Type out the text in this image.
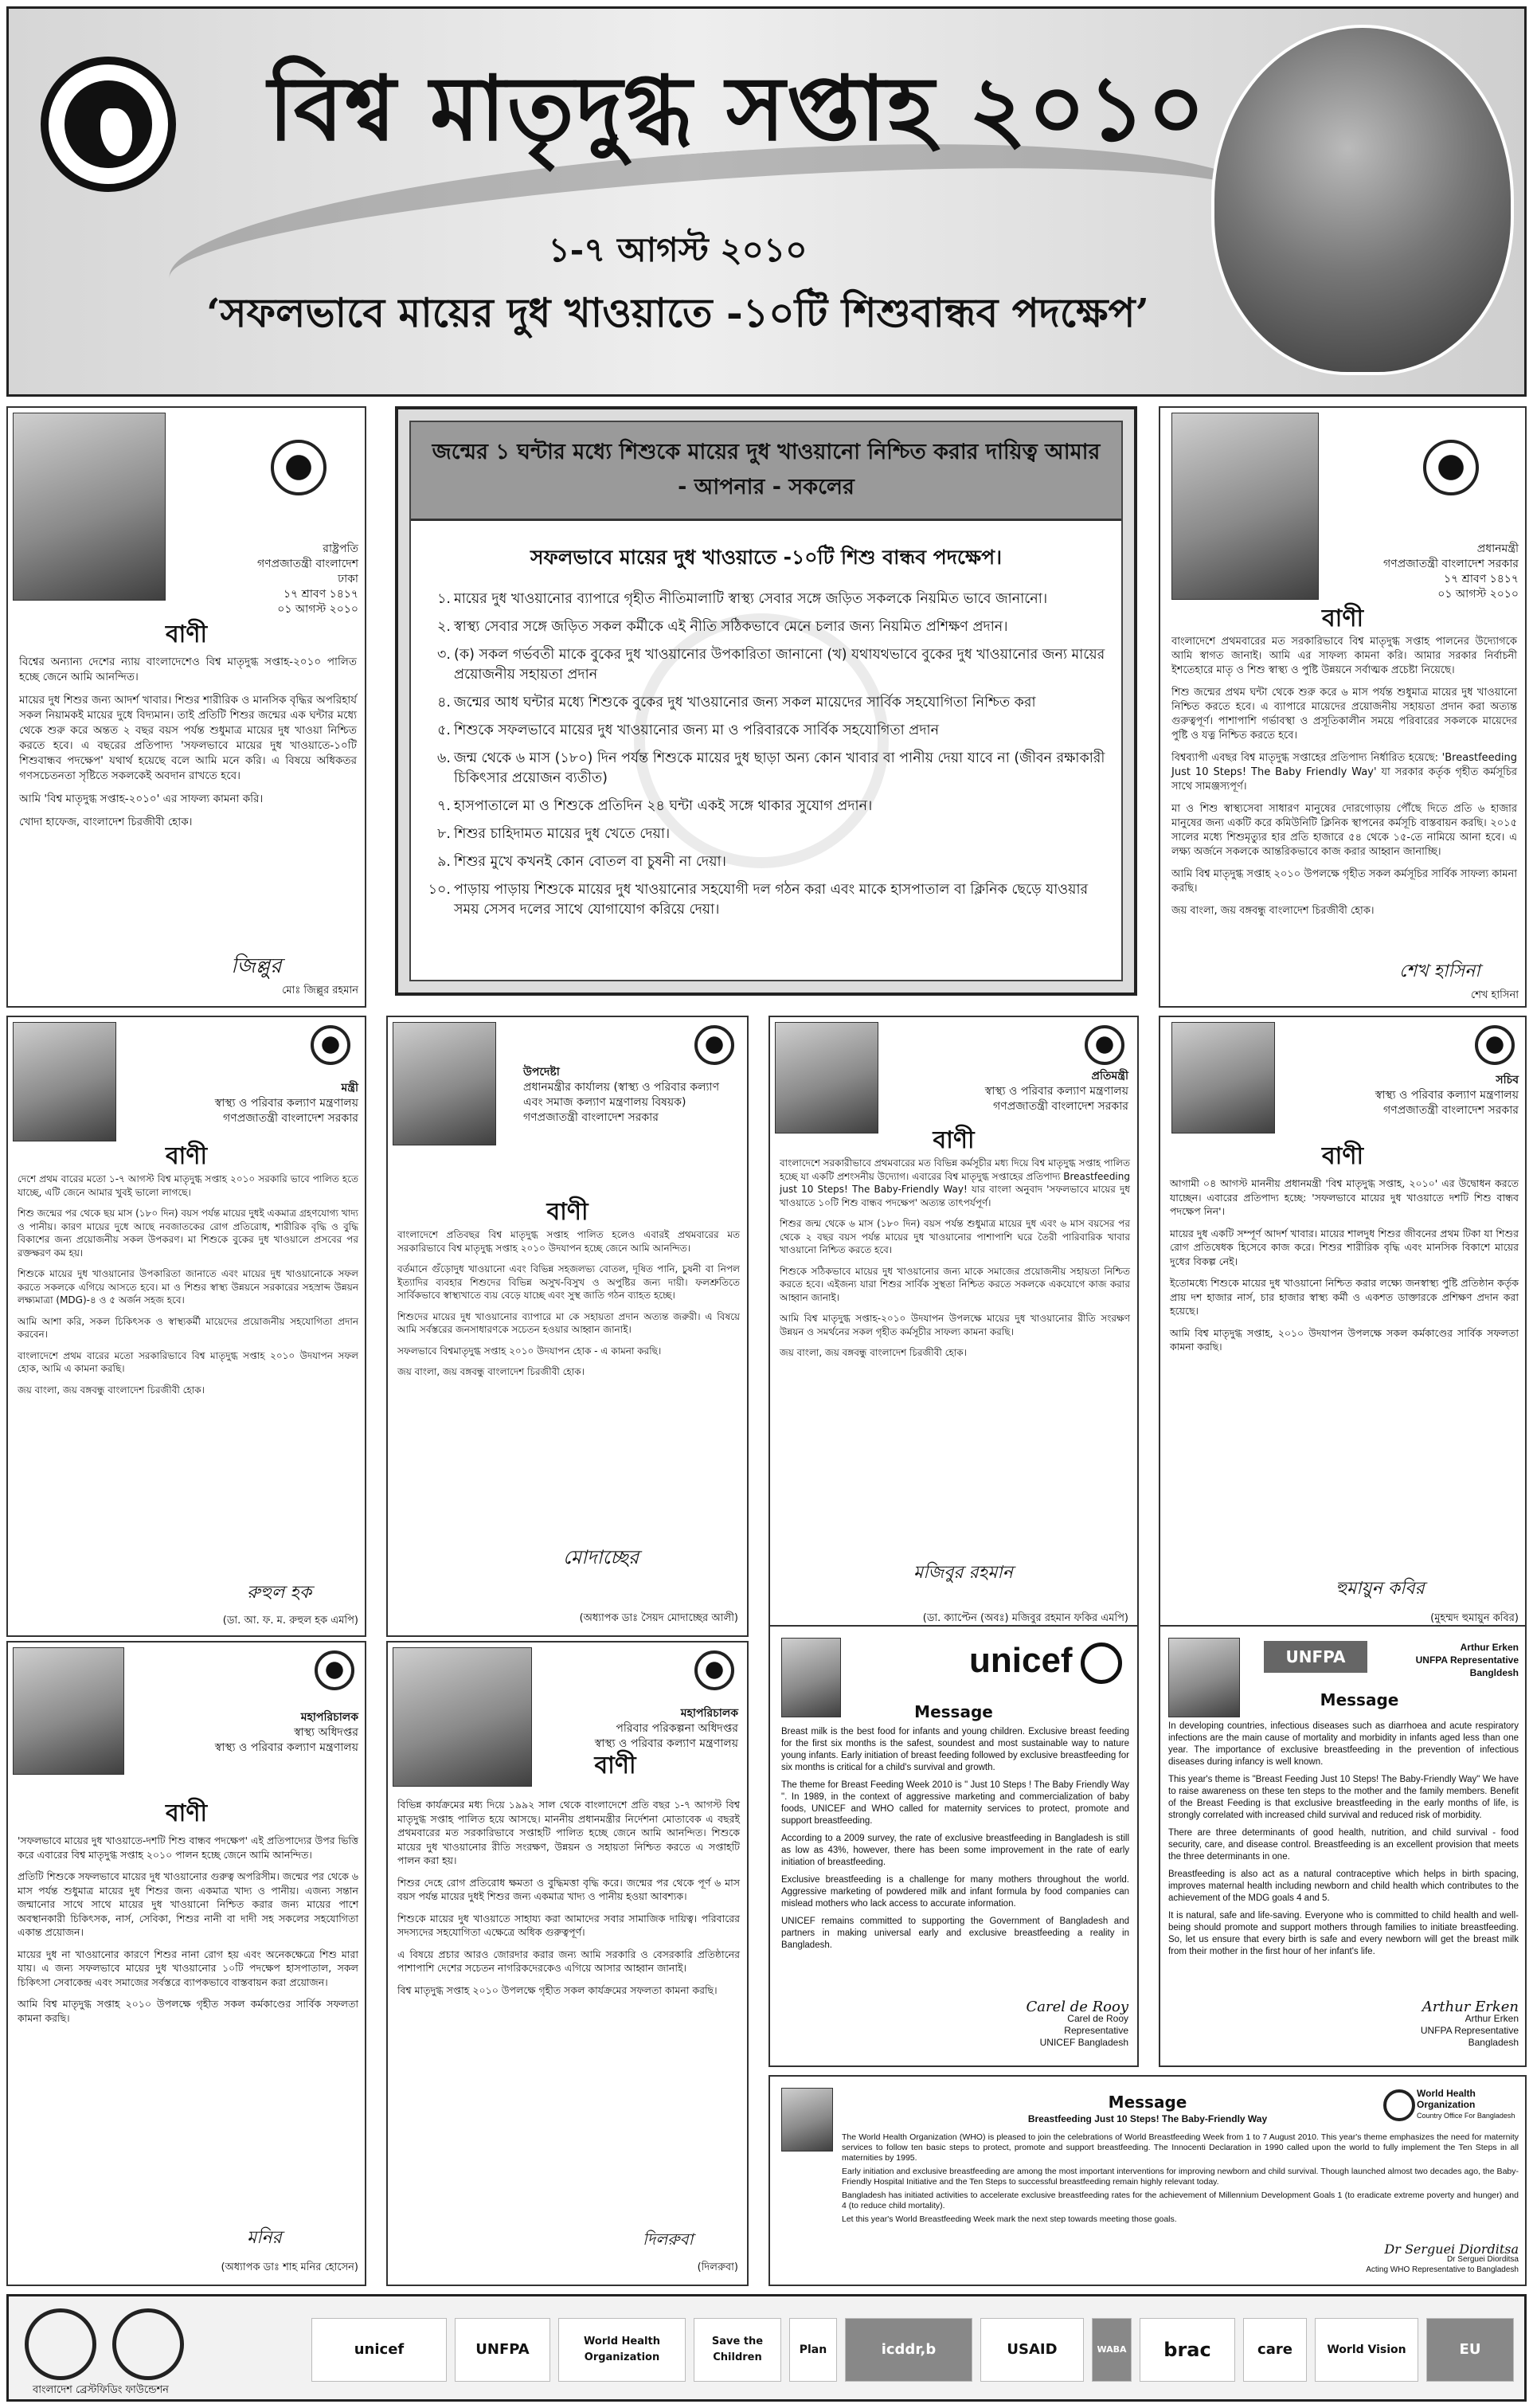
বিশ্ব মাতৃদুগ্ধ সপ্তাহ ২০১০
১-৭ আগস্ট ২০১০
‘সফলভাবে মায়ের দুধ খাওয়াতে -১০টি শিশুবান্ধব পদক্ষেপ’
রাষ্ট্রপতি
গণপ্রজাতন্ত্রী বাংলাদেশ
ঢাকা
১৭ শ্রাবণ ১৪১৭
০১ আগস্ট ২০১০
বাণী

বিশ্বের অন্যান্য দেশের ন্যায় বাংলাদেশেও বিশ্ব মাতৃদুগ্ধ সপ্তাহ-২০১০ পালিত হচ্ছে জেনে আমি আনন্দিত।

মায়ের দুধ শিশুর জন্য আদর্শ খাবার। শিশুর শারীরিক ও মানসিক বৃদ্ধির অপরিহার্য সকল নিয়ামকই মায়ের দুধে বিদ্যমান। তাই প্রতিটি শিশুর জন্মের এক ঘন্টার মধ্যে থেকে শুরু করে অন্তত ২ বছর বয়স পর্যন্ত শুধুমাত্র মায়ের দুধ খাওয়া নিশ্চিত করতে হবে। এ বছরের প্রতিপাদ্য 'সফলভাবে মায়ের দুধ খাওয়াতে-১০টি শিশুবান্ধব পদক্ষেপ' যথার্থ হয়েছে বলে আমি মনে করি। এ বিষয়ে অধিকতর গণসচেতনতা সৃষ্টিতে সকলকেই অবদান রাখতে হবে।

আমি 'বিশ্ব মাতৃদুগ্ধ সপ্তাহ-২০১০' এর সাফল্য কামনা করি।

খোদা হাফেজ, বাংলাদেশ চিরজীবী হোক।

জিল্লুর
মোঃ জিল্লুর রহমান
জন্মের ১ ঘন্টার মধ্যে শিশুকে মায়ের দুধ খাওয়ানো নিশ্চিত করার দায়িত্ব আমার - আপনার - সকলের
সফলভাবে মায়ের দুধ খাওয়াতে -১০টি শিশু বান্ধব পদক্ষেপ।
১. মায়ের দুধ খাওয়ানোর ব্যাপারে গৃহীত নীতিমালাটি স্বাস্থ্য সেবার সঙ্গে জড়িত সকলকে নিয়মিত ভাবে জানানো।
২. স্বাস্থ্য সেবার সঙ্গে জড়িত সকল কর্মীকে এই নীতি সঠিকভাবে মেনে চলার জন্য নিয়মিত প্রশিক্ষণ প্রদান।
৩. (ক) সকল গর্ভবতী মাকে বুকের দুধ খাওয়ানোর উপকারিতা জানানো (খ) যথাযথভাবে বুকের দুধ খাওয়ানোর জন্য মায়ের প্রয়োজনীয় সহায়তা প্রদান
৪. জন্মের আধ ঘন্টার মধ্যে শিশুকে বুকের দুধ খাওয়ানোর জন্য সকল মায়েদের সার্বিক সহযোগিতা নিশ্চিত করা
৫. শিশুকে সফলভাবে মায়ের দুধ খাওয়ানোর জন্য মা ও পরিবারকে সার্বিক সহযোগিতা প্রদান
৬. জন্ম থেকে ৬ মাস (১৮০) দিন পর্যন্ত শিশুকে মায়ের দুধ ছাড়া অন্য কোন খাবার বা পানীয় দেয়া যাবে না (জীবন রক্ষাকারী চিকিৎসার প্রয়োজন ব্যতীত)
৭. হাসপাতালে মা ও শিশুকে প্রতিদিন ২৪ ঘন্টা একই সঙ্গে থাকার সুযোগ প্রদান।
৮. শিশুর চাহিদামত মায়ের দুধ খেতে দেয়া।
৯. শিশুর মুখে কখনই কোন বোতল বা চুষনী না দেয়া।
১০. পাড়ায় পাড়ায় শিশুকে মায়ের দুধ খাওয়ানোর সহযোগী দল গঠন করা এবং মাকে হাসপাতাল বা ক্লিনিক ছেড়ে যাওয়ার সময় সেসব দলের সাথে যোগাযোগ করিয়ে দেয়া।
প্রধানমন্ত্রী
গণপ্রজাতন্ত্রী বাংলাদেশ সরকার
১৭ শ্রাবণ ১৪১৭
০১ আগস্ট ২০১০
বাণী

বাংলাদেশে প্রথমবারের মত সরকারিভাবে বিশ্ব মাতৃদুগ্ধ সপ্তাহ পালনের উদ্যোগকে আমি স্বাগত জানাই। আমি এর সাফল্য কামনা করি। আমার সরকার নির্বাচনী ইশতেহারে মাতৃ ও শিশু স্বাস্থ্য ও পুষ্টি উন্নয়নে সর্বাত্মক প্রচেষ্টা নিয়েছে।

শিশু জন্মের প্রথম ঘন্টা থেকে শুরু করে ৬ মাস পর্যন্ত শুধুমাত্র মায়ের দুধ খাওয়ানো নিশ্চিত করতে হবে। এ ব্যাপারে মায়েদের প্রয়োজনীয় সহায়তা প্রদান করা অত্যন্ত গুরুত্বপূর্ণ। পাশাপাশি গর্ভাবস্থা ও প্রসূতিকালীন সময়ে পরিবারের সকলকে মায়েদের পুষ্টি ও যত্ন নিশ্চিত করতে হবে।

বিশ্বব্যাপী এবছর বিশ্ব মাতৃদুগ্ধ সপ্তাহের প্রতিপাদ্য নির্ধারিত হয়েছে: 'Breastfeeding Just 10 Steps! The Baby Friendly Way' যা সরকার কর্তৃক গৃহীত কর্মসূচির সাথে সামঞ্জস্যপূর্ণ।

মা ও শিশু স্বাস্থ্যসেবা সাধারণ মানুষের দোরগোড়ায় পৌঁছে দিতে প্রতি ৬ হাজার মানুষের জন্য একটি করে কমিউনিটি ক্লিনিক স্থাপনের কর্মসূচি বাস্তবায়ন করছি। ২০১৫ সালের মধ্যে শিশুমৃত্যুর হার প্রতি হাজারে ৫৪ থেকে ১৫-তে নামিয়ে আনা হবে। এ লক্ষ্য অর্জনে সকলকে আন্তরিকভাবে কাজ করার আহ্বান জানাচ্ছি।

আমি বিশ্ব মাতৃদুগ্ধ সপ্তাহ ২০১০ উপলক্ষে গৃহীত সকল কর্মসূচির সার্বিক সাফল্য কামনা করছি।

জয় বাংলা, জয় বঙ্গবন্ধু বাংলাদেশ চিরজীবী হোক।

শেখ হাসিনা
শেখ হাসিনা
মন্ত্রী
স্বাস্থ্য ও পরিবার কল্যাণ মন্ত্রণালয়
গণপ্রজাতন্ত্রী বাংলাদেশ সরকার
বাণী

দেশে প্রথম বারের মতো ১-৭ আগস্ট বিশ্ব মাতৃদুগ্ধ সপ্তাহ ২০১০ সরকারি ভাবে পালিত হতে যাচ্ছে, এটি জেনে আমার খুবই ভালো লাগছে।

শিশু জন্মের পর থেকে ছয় মাস (১৮০ দিন) বয়স পর্যন্ত মায়ের দুধই একমাত্র গ্রহণযোগ্য খাদ্য ও পানীয়। কারণ মায়ের দুধে আছে নবজাতকের রোগ প্রতিরোধ, শারীরিক বৃদ্ধি ও বুদ্ধি বিকাশের জন্য প্রয়োজনীয় সকল উপকরণ। মা শিশুকে বুকের দুধ খাওয়ালে প্রসবের পর রক্তক্ষরণ কম হয়।

শিশুকে মায়ের দুধ খাওয়ানোর উপকারিতা জানাতে এবং মায়ের দুধ খাওয়ানোকে সফল করতে সকলকে এগিয়ে আসতে হবে। মা ও শিশুর স্বাস্থ্য উন্নয়নে সরকারের সহস্রাব্দ উন্নয়ন লক্ষ্যমাত্রা (MDG)-৪ ও ৫ অর্জন সহজ হবে।

আমি আশা করি, সকল চিকিৎসক ও স্বাস্থ্যকর্মী মায়েদের প্রয়োজনীয় সহযোগিতা প্রদান করবেন।

বাংলাদেশে প্রথম বারের মতো সরকারিভাবে বিশ্ব মাতৃদুগ্ধ সপ্তাহ ২০১০ উদযাপন সফল হোক, আমি এ কামনা করছি।

জয় বাংলা, জয় বঙ্গবন্ধু বাংলাদেশ চিরজীবী হোক।

রুহুল হক
(ডা. আ. ফ. ম. রুহুল হক এমপি)
উপদেষ্টা
প্রধানমন্ত্রীর কার্যালয় (স্বাস্থ্য ও পরিবার কল্যাণ এবং সমাজ কল্যাণ মন্ত্রণালয় বিষয়ক)
গণপ্রজাতন্ত্রী বাংলাদেশ সরকার
বাণী

বাংলাদেশে প্রতিবছর বিশ্ব মাতৃদুগ্ধ সপ্তাহ পালিত হলেও এবারই প্রথমবারের মত সরকারিভাবে বিশ্ব মাতৃদুগ্ধ সপ্তাহ ২০১০ উদযাপন হচ্ছে জেনে আমি আনন্দিত।

বর্তমানে গুঁড়োদুধ খাওয়ানো এবং বিভিন্ন সহজলভ্য বোতল, দূষিত পানি, চুষনী বা নিপল ইত্যাদির ব্যবহার শিশুদের বিভিন্ন অসুখ-বিসুখ ও অপুষ্টির জন্য দায়ী। ফলশ্রুতিতে সার্বিকভাবে স্বাস্থ্যখাতে ব্যয় বেড়ে যাচ্ছে এবং সুস্থ জাতি গঠন ব্যাহত হচ্ছে।

শিশুদের মায়ের দুধ খাওয়ানোর ব্যাপারে মা কে সহায়তা প্রদান অত্যন্ত জরুরী। এ বিষয়ে আমি সর্বস্তরের জনসাধারণকে সচেতন হওয়ার আহ্বান জানাই।

সফলভাবে বিশ্বমাতৃদুগ্ধ সপ্তাহ ২০১০ উদযাপন হোক - এ কামনা করছি।

জয় বাংলা, জয় বঙ্গবন্ধু বাংলাদেশ চিরজীবী হোক।

মোদাচ্ছের
(অধ্যাপক ডাঃ সৈয়দ মোদাচ্ছের আলী)
প্রতিমন্ত্রী
স্বাস্থ্য ও পরিবার কল্যাণ মন্ত্রণালয়
গণপ্রজাতন্ত্রী বাংলাদেশ সরকার
বাণী

বাংলাদেশে সরকারীভাবে প্রথমবারের মত বিভিন্ন কর্মসূচীর মধ্য দিয়ে বিশ্ব মাতৃদুগ্ধ সপ্তাহ পালিত হচ্ছে যা একটি প্রশংসনীয় উদ্যোগ। এবারের বিশ্ব মাতৃদুগ্ধ সপ্তাহের প্রতিপাদ্য Breastfeeding just 10 Steps! The Baby-Friendly Way! যার বাংলা অনুবাদ 'সফলভাবে মায়ের দুধ খাওয়াতে ১০টি শিশু বান্ধব পদক্ষেপ' অত্যন্ত তাৎপর্যপূর্ণ।

শিশুর জন্ম থেকে ৬ মাস (১৮০ দিন) বয়স পর্যন্ত শুধুমাত্র মায়ের দুধ এবং ৬ মাস বয়সের পর থেকে ২ বছর বয়স পর্যন্ত মায়ের দুধ খাওয়ানোর পাশাপাশি ঘরে তৈরী পারিবারিক খাবার খাওয়ানো নিশ্চিত করতে হবে।

শিশুকে সঠিকভাবে মায়ের দুধ খাওয়ানোর জন্য মাকে সমাজের প্রয়োজনীয় সহায়তা নিশ্চিত করতে হবে। এইজন্য যারা শিশুর সার্বিক সুস্থতা নিশ্চিত করতে সকলকে একযোগে কাজ করার আহ্বান জানাই।

আমি বিশ্ব মাতৃদুগ্ধ সপ্তাহ-২০১০ উদযাপন উপলক্ষে মায়ের দুধ খাওয়ানোর রীতি সংরক্ষণ উন্নয়ন ও সমর্থনের সকল গৃহীত কর্মসূচীর সাফল্য কামনা করছি।

জয় বাংলা, জয় বঙ্গবন্ধু বাংলাদেশ চিরজীবী হোক।

মজিবুর রহমান
(ডা. ক্যাপ্টেন (অবঃ) মজিবুর রহমান ফকির এমপি)
সচিব
স্বাস্থ্য ও পরিবার কল্যাণ মন্ত্রণালয়
গণপ্রজাতন্ত্রী বাংলাদেশ সরকার
বাণী

আগামী ০৪ আগস্ট মাননীয় প্রধানমন্ত্রী 'বিশ্ব মাতৃদুগ্ধ সপ্তাহ, ২০১০' এর উদ্বোধন করতে যাচ্ছেন। এবারের প্রতিপাদ্য হচ্ছে: 'সফলভাবে মায়ের দুধ খাওয়াতে দশটি শিশু বান্ধব পদক্ষেপ নিন'।

মায়ের দুধ একটি সম্পূর্ণ আদর্শ খাবার। মায়ের শালদুধ শিশুর জীবনের প্রথম টিকা যা শিশুর রোগ প্রতিষেধক হিসেবে কাজ করে। শিশুর শারীরিক বৃদ্ধি এবং মানসিক বিকাশে মায়ের দুধের বিকল্প নেই।

ইতোমধ্যে শিশুকে মায়ের দুধ খাওয়ানো নিশ্চিত করার লক্ষ্যে জনস্বাস্থ্য পুষ্টি প্রতিষ্ঠান কর্তৃক প্রায় দশ হাজার নার্স, চার হাজার স্বাস্থ্য কর্মী ও একশত ডাক্তারকে প্রশিক্ষণ প্রদান করা হয়েছে।

আমি বিশ্ব মাতৃদুগ্ধ সপ্তাহ, ২০১০ উদযাপন উপলক্ষে সকল কর্মকাণ্ডের সার্বিক সফলতা কামনা করছি।

হুমায়ুন কবির
(মুহম্মদ হুমায়ুন কবির)
মহাপরিচালক
স্বাস্থ্য অধিদপ্তর
স্বাস্থ্য ও পরিবার কল্যাণ মন্ত্রণালয়
বাণী

'সফলভাবে মায়ের দুধ খাওয়াতে-দশটি শিশু বান্ধব পদক্ষেপ' এই প্রতিপাদ্যের উপর ভিত্তি করে এবারের বিশ্ব মাতৃদুগ্ধ সপ্তাহ ২০১০ পালন হচ্ছে জেনে আমি আনন্দিত।

প্রতিটি শিশুকে সফলভাবে মায়ের দুধ খাওয়ানোর গুরুত্ব অপরিসীম। জন্মের পর থেকে ৬ মাস পর্যন্ত শুধুমাত্র মায়ের দুধ শিশুর জন্য একমাত্র খাদ্য ও পানীয়। এজন্য সন্তান জন্মানোর সাথে সাথে মায়ের দুধ খাওয়ানো নিশ্চিত করার জন্য মায়ের পাশে অবস্থানকারী চিকিৎসক, নার্স, সেবিকা, শিশুর নানী বা দাদী সহ সকলের সহযোগিতা একান্ত প্রয়োজন।

মায়ের দুধ না খাওয়ানোর কারণে শিশুর নানা রোগ হয় এবং অনেকক্ষেত্রে শিশু মারা যায়। এ জন্য সফলভাবে মায়ের দুধ খাওয়ানোর ১০টি পদক্ষেপ হাসপাতাল, সকল চিকিৎসা সেবাকেন্দ্র এবং সমাজের সর্বস্তরে ব্যাপকভাবে বাস্তবায়ন করা প্রয়োজন।

আমি বিশ্ব মাতৃদুগ্ধ সপ্তাহ ২০১০ উপলক্ষে গৃহীত সকল কর্মকাণ্ডের সার্বিক সফলতা কামনা করছি।

মনির
(অধ্যাপক ডাঃ শাহ মনির হোসেন)
মহাপরিচালক
পরিবার পরিকল্পনা অধিদপ্তর
স্বাস্থ্য ও পরিবার কল্যাণ মন্ত্রণালয়
বাণী

বিভিন্ন কার্যক্রমের মধ্য দিয়ে ১৯৯২ সাল থেকে বাংলাদেশে প্রতি বছর ১-৭ আগস্ট বিশ্ব মাতৃদুগ্ধ সপ্তাহ পালিত হয়ে আসছে। মাননীয় প্রধানমন্ত্রীর নির্দেশনা মোতাবেক এ বছরই প্রথমবারের মত সরকারিভাবে সপ্তাহটি পালিত হচ্ছে জেনে আমি আনন্দিত। শিশুকে মায়ের দুধ খাওয়ানোর রীতি সংরক্ষণ, উন্নয়ন ও সহায়তা নিশ্চিত করতে এ সপ্তাহটি পালন করা হয়।

শিশুর দেহে রোগ প্রতিরোধ ক্ষমতা ও বুদ্ধিমত্তা বৃদ্ধি করে। জন্মের পর থেকে পূর্ণ ৬ মাস বয়স পর্যন্ত মায়ের দুধই শিশুর জন্য একমাত্র খাদ্য ও পানীয় হওয়া আবশ্যক।

শিশুকে মায়ের দুধ খাওয়াতে সাহায্য করা আমাদের সবার সামাজিক দায়িত্ব। পরিবারের সদস্যদের সহযোগিতা এক্ষেত্রে অধিক গুরুত্বপূর্ণ।

এ বিষয়ে প্রচার আরও জোরদার করার জন্য আমি সরকারি ও বেসরকারি প্রতিষ্ঠানের পাশাপাশি দেশের সচেতন নাগরিকদেরকেও এগিয়ে আসার আহ্বান জানাই।

বিশ্ব মাতৃদুগ্ধ সপ্তাহ ২০১০ উপলক্ষে গৃহীত সকল কার্যক্রমের সফলতা কামনা করছি।

দিলরুবা
(দিলরুবা)
unicef
Message

Breast milk is the best food for infants and young children. Exclusive breast feeding for the first six months is the safest, soundest and most sustainable way to nature young infants. Early initiation of breast feeding followed by exclusive breastfeeding for six months is critical for a child's survival and growth.

The theme for Breast Feeding Week 2010 is " Just 10 Steps ! The Baby Friendly Way ". In 1989, in the context of aggressive marketing and commercialization of baby foods, UNICEF and WHO called for maternity services to protect, promote and support breastfeeding.

According to a 2009 survey, the rate of exclusive breastfeeding in Bangladesh is still as low as 43%, however, there has been some improvement in the rate of early initiation of breastfeeding.

Exclusive breastfeeding is a challenge for many mothers throughout the world. Aggressive marketing of powdered milk and infant formula by food companies can mislead mothers who lack access to accurate information.

UNICEF remains committed to supporting the Government of Bangladesh and partners in making universal early and exclusive breastfeeding a reality in Bangladesh.

Carel de Rooy
Carel de Rooy
Representative
UNICEF Bangladesh
UNFPA	Arthur Erken
UNFPA Representative Bangldesh
Message

In developing countries, infectious diseases such as diarrhoea and acute respiratory infections are the main cause of mortality and morbidity in infants aged less than one year. The importance of exclusive breastfeeding in the prevention of infectious diseases during infancy is well known.

This year's theme is "Breast Feeding Just 10 Steps! The Baby-Friendly Way" We have to raise awareness on these ten steps to the mother and the family members. Benefit of the Breast Feeding is that exclusive breastfeeding in the early months of life, is strongly correlated with increased child survival and reduced risk of morbidity.

There are three determinants of good health, nutrition, and child survival - food security, care, and disease control. Breastfeeding is an excellent provision that meets the three determinants in one.

Breastfeeding is also act as a natural contraceptive which helps in birth spacing, improves maternal health including newborn and child health which contributes to the achievement of the MDG goals 4 and 5.

It is natural, safe and life-saving. Everyone who is committed to child health and well-being should promote and support mothers through families to initiate breastfeeding. So, let us ensure that every birth is safe and every newborn will get the breast milk from their mother in the first hour of her infant's life.

Arthur Erken
Arthur Erken
UNFPA Representative
Bangladesh
Message
Breastfeeding Just 10 Steps! The Baby-Friendly Way
World Health Organization
Country Office For Bangladesh

The World Health Organization (WHO) is pleased to join the celebrations of World Breastfeeding Week from 1 to 7 August 2010. This year's theme emphasizes the need for maternity services to follow ten basic steps to protect, promote and support breastfeeding. The Innocenti Declaration in 1990 called upon the world to fully implement the Ten Steps in all maternities by 1995.

Early initiation and exclusive breastfeeding are among the most important interventions for improving newborn and child survival. Though launched almost two decades ago, the Baby-Friendly Hospital Initiative and the Ten Steps to successful breastfeeding remain highly relevant today.

Bangladesh has initiated activities to accelerate exclusive breastfeeding rates for the achievement of Millennium Development Goals 1 (to eradicate extreme poverty and hunger) and 4 (to reduce child mortality).

Let this year's World Breastfeeding Week mark the next step towards meeting those goals.

Dr Serguei Diorditsa
Dr Serguei Diorditsa
Acting WHO Representative to Bangladesh
বাংলাদেশ ব্রেস্টফিডিং ফাউন্ডেশন
unicef	UNFPA	World Health Organization
Save the Children
Plan	icddr,b	USAID	WABA	brac	care	World Vision	EU
